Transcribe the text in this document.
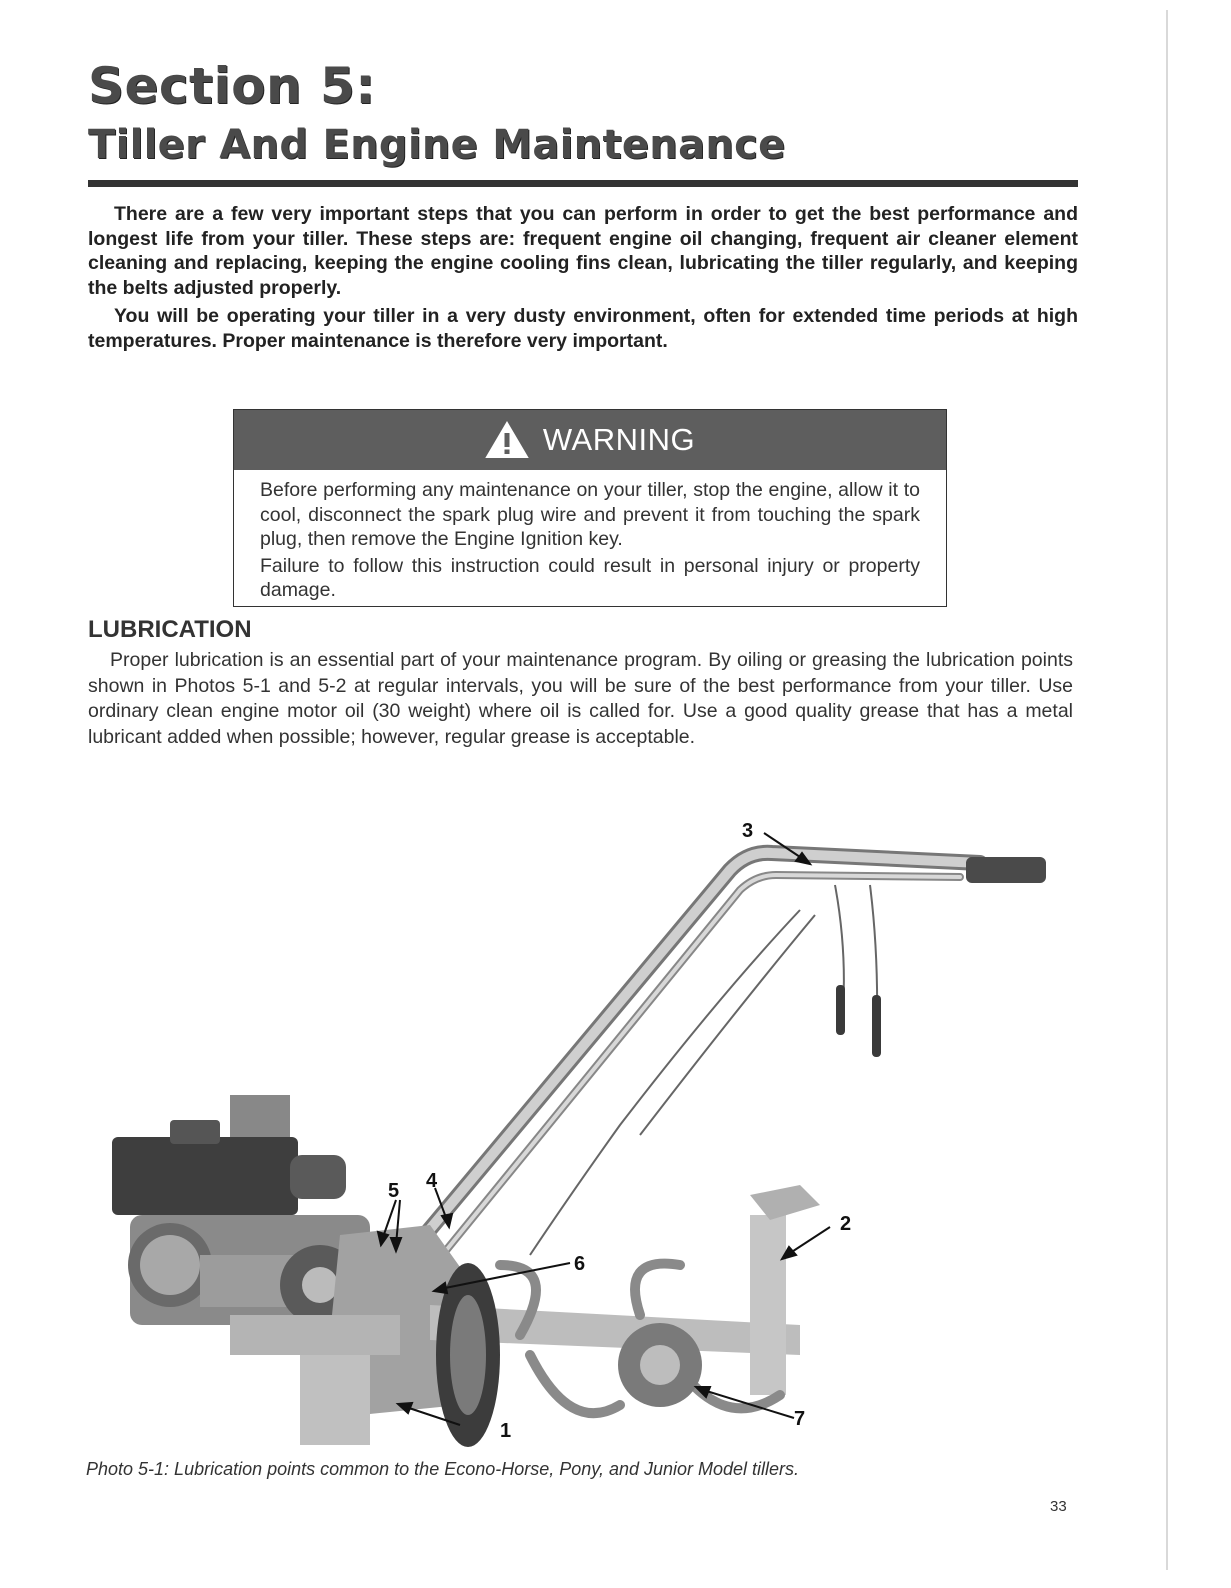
Section 5:
Tiller And Engine Maintenance

There are a few very important steps that you can perform in order to get the best performance and longest life from your tiller. These steps are: frequent engine oil changing, frequent air cleaner element cleaning and replacing, keeping the engine cooling fins clean, lubricating the tiller regularly, and keeping the belts adjusted properly.

You will be operating your tiller in a very dusty environment, often for extended time periods at high temperatures. Proper maintenance is therefore very important.

WARNING

Before performing any maintenance on your tiller, stop the engine, allow it to cool, disconnect the spark plug wire and prevent it from touching the spark plug, then remove the Engine Ignition key.

Failure to follow this instruction could result in personal injury or property damage.

LUBRICATION

Proper lubrication is an essential part of your maintenance program. By oiling or greasing the lubrication points shown in Photos 5-1 and 5-2 at regular intervals, you will be sure of the best performance from your tiller. Use ordinary clean engine motor oil (30 weight) where oil is called for. Use a good quality grease that has a metal lubricant added when possible; however, regular grease is acceptable.

1
2
3
4
5
6
7

Photo 5-1: Lubrication points common to the Econo-Horse, Pony, and Junior Model tillers.

33
